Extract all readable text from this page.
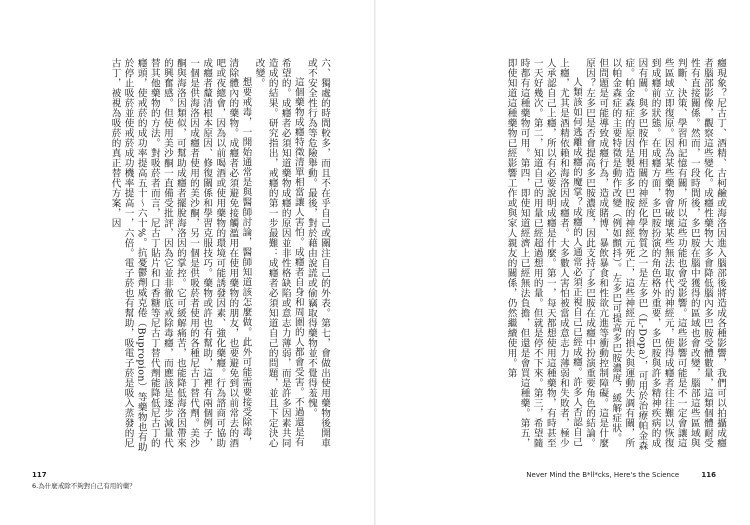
六、獨處的時間較多，而且不在乎自己或關注自己的外表。第七，會做出使用藥物後開車或不安全性行為等危險舉動。最後，對於藉由說謊或偷竊取得藥物並不覺得羞愧。

這個藥物成癮特徵清單相當讓人害怕。成癮者自身和周圍的人都會受害。不過還是有希望的。成癮者必須知道藥物成癮的原因並非性格缺陷或意志力薄弱，而是許多因素共同造成的結果。研究指出，戒癮的第一步最難：成癮者必須知道自己的問題，並且下定決心改變。

想要戒毒，一開始通常是與醫師討論，醫師知道該怎麼做。此外可能需要接受除毒，清除體內的藥物。成癮者必須避免接觸濫用在使用藥物的朋友，也要避免到以前常去的酒吧或夜總會，因為以前喝酒或使用藥物的環境可能誘發因素、強化藥癮。行為諮商可協助成癮者釐清根本原因、修復關係和學習克服技巧。藥物或許也有幫助，這裡有兩個例子，一個是供海洛因成癮者使用的美沙酮，另一個是供吸菸者使用的各種尼古丁替代劑。美沙酮與海洛因類似，可幫助成癮者擺脫海洛因的掌控。它可緩解痛苦，也能降低海洛因帶來的興奮感。但使用美沙酮一直備受批評，因為它並非徹底戒除毒癮，而應該是逐步減量代替其他藥物的方法。對吸菸者而言，尼古丁貼片和口香糖等尼古丁替代劑能降低尼古丁的癮頭，使戒菸的成功率提高五十～六十%。抗憂鬱劑威克倦（Bupropion）等藥物也有助於停止吸菸並使戒菸成功機率提高一，六倍。電子菸也有幫助，吸電子菸是吸入蒸發的尼古丁，被視為吸菸的真正替代方案，因

117
6.為什麼戒除不夠對自己有用的藥？

癮現象？尼古丁、酒精、古柯鹼或海洛因進入腦部後將造成各種影響，我們可以拍攝成癮者腦部影像，觀察這些變化。成癮性藥物大多會降低腦內多巴胺受體數量，這類個體耐受性有直接關係。然而，一段時間後，多巴胺在腦中獲得的區域也會改變，腦部這些區域與判斷、決策、學習和記憶有關，所以這些功能也會受影響。這些影響可能是不一定會讓這些區域立即復原。因為某些藥物會破壞某些無法取代的神經元，使得成癮者往往難以恢復到成癮前的狀態。在成癮方面，多巴胺扮演的角色格外重要，多巴胺與許多精神疾病的成因有關。與多巴胺作用相關的神經化學物質之一是左多巴（L-Dopa），可用於治療帕金森症。帕金森症的原因是製造多巴胺的神經元死亡，這些神經元的損失與運動失調有關，所以帕金森症的主要特徵是動作改變（例如顫抖）。左多巴可提高多巴胺濃度，緩解症狀。但問題是可能導致成癮行為，造成賭博、暴飲暴食和性欲亢進等衝動控制障礙。這是什麼原因？左多巴是否會提高多巴胺濃度，因此支持了多巴胺在成癮中扮演重要角色的結論。

人類該如何逃離成癮的魔掌？成癮的人通常必須正視自己已經成癮。許多人否認自己上癮，尤其是酒精依賴和海洛因成癮者。大多數人害怕被當成意志力薄弱和失敗者，極少人承認自己上癮，所以有必要說明成癮是什麼。第一，每天都想使用這種藥物，有時甚至一天好幾次。第二，知道自己的用量已經超過想用的量。但就是停不下來。第三，希望隨時都有這種藥物可用。第四，即使知道經濟上已經無法負擔，但還是會買這種藥。第五，即使知道這種藥物已經影響工作或與家人親友的關係，仍然繼續使用。第

Never Mind the B*ll*cks, Here's the Science	116
